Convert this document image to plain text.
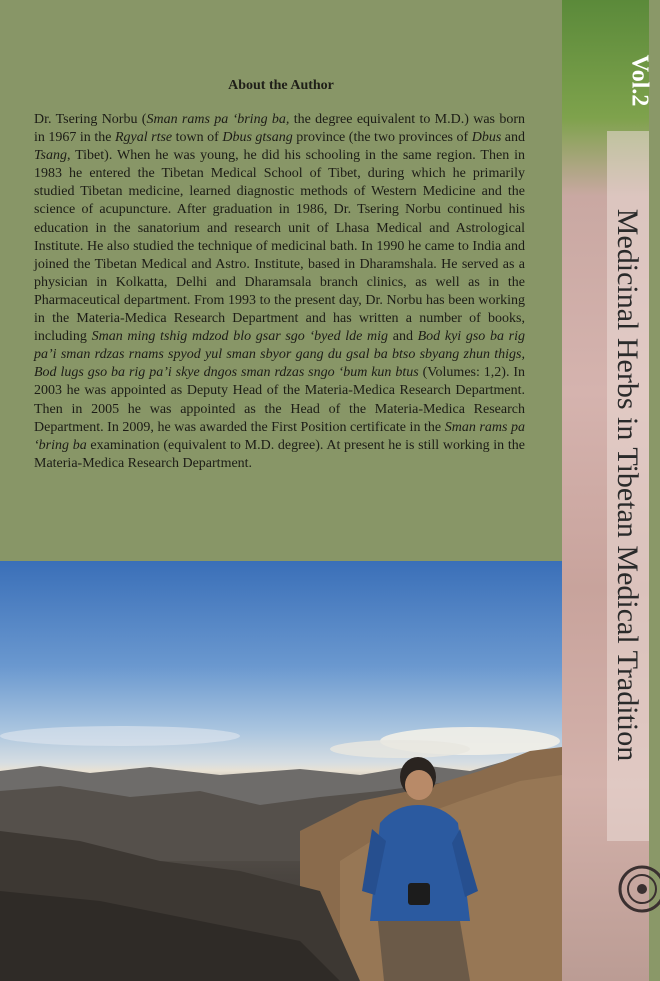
About the Author

Dr. Tsering Norbu (Sman rams pa ‘bring ba, the degree equivalent to M.D.) was born in 1967 in the Rgyal rtse town of Dbus gtsang province (the two provinces of Dbus and Tsang, Tibet). When he was young, he did his schooling in the same region. Then in 1983 he entered the Tibetan Medical School of Tibet, during which he primarily studied Tibetan medicine, learned diagnostic methods of Western Medicine and the science of acupuncture. After graduation in 1986, Dr. Tsering Norbu continued his education in the sanatorium and research unit of Lhasa Medical and Astrological Institute. He also studied the technique of medicinal bath. In 1990 he came to India and joined the Tibetan Medical and Astro. Institute, based in Dharamshala. He served as a physician in Kolkatta, Delhi and Dharamsala branch clinics, as well as in the Pharmaceutical department. From 1993 to the present day, Dr. Norbu has been working in the Materia-Medica Research Department and has written a number of books, including Sman ming tshig mdzod blo gsar sgo ‘byed lde mig and Bod kyi gso ba rig pa’i sman rdzas rnams spyod yul sman sbyor gang du gsal ba btso sbyang zhun thigs, Bod lugs gso ba rig pa’i skye dngos sman rdzas sngo ‘bum kun btus (Volumes: 1,2). In 2003 he was appointed as Deputy Head of the Materia-Medica Research Department. Then in 2005 he was appointed as the Head of the Materia-Medica Research Department. In 2009, he was awarded the First Position certificate in the Sman rams pa ‘bring ba examination (equivalent to M.D. degree). At present he is still working in the Materia-Medica Research Department.

Vol.2
Medicinal Herbs in Tibetan Medical Tradition
